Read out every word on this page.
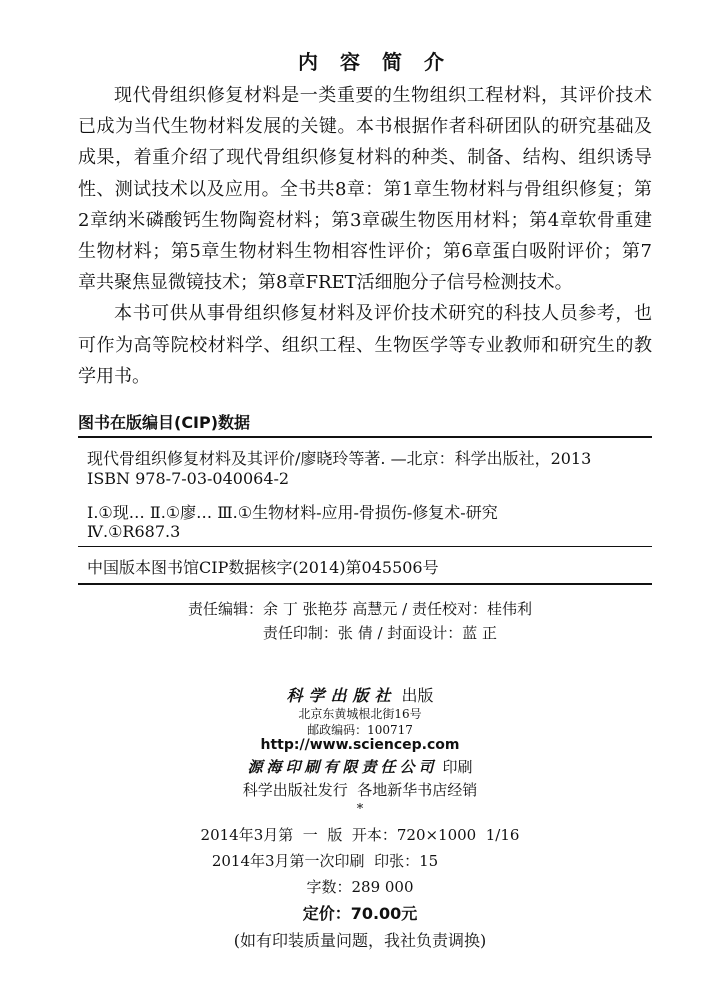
内容简介

现代骨组织修复材料是一类重要的生物组织工程材料，其评价技术已成为当代生物材料发展的关键。本书根据作者科研团队的研究基础及成果，着重介绍了现代骨组织修复材料的种类、制备、结构、组织诱导性、测试技术以及应用。全书共8章：第1章生物材料与骨组织修复；第2章纳米磷酸钙生物陶瓷材料；第3章碳生物医用材料；第4章软骨重建生物材料；第5章生物材料生物相容性评价；第6章蛋白吸附评价；第7章共聚焦显微镜技术；第8章FRET活细胞分子信号检测技术。

本书可供从事骨组织修复材料及评价技术研究的科技人员参考，也可作为高等院校材料学、组织工程、生物医学等专业教师和研究生的教学用书。

图书在版编目(CIP)数据
现代骨组织修复材料及其评价/廖晓玲等著. —北京：科学出版社，2013
ISBN 978-7-03-040064-2
Ⅰ.①现… Ⅱ.①廖… Ⅲ.①生物材料-应用-骨损伤-修复术-研究
Ⅳ.①R687.3
中国版本图书馆CIP数据核字(2014)第045506号
责任编辑：余 丁 张艳芬 高慧元 / 责任校对：桂伟利
责任印制：张 倩 / 封面设计：蓝 正
科学出版社 出版
北京东黄城根北街16号
邮政编码：100717
http://www.sciencep.com
源海印刷有限责任公司 印刷
科学出版社发行  各地新华书店经销
*
2014年3月第  一  版  开本：720×1000  1/16
2014年3月第一次印刷  印张：15
字数：289 000
定价：70.00元
(如有印装质量问题，我社负责调换)
